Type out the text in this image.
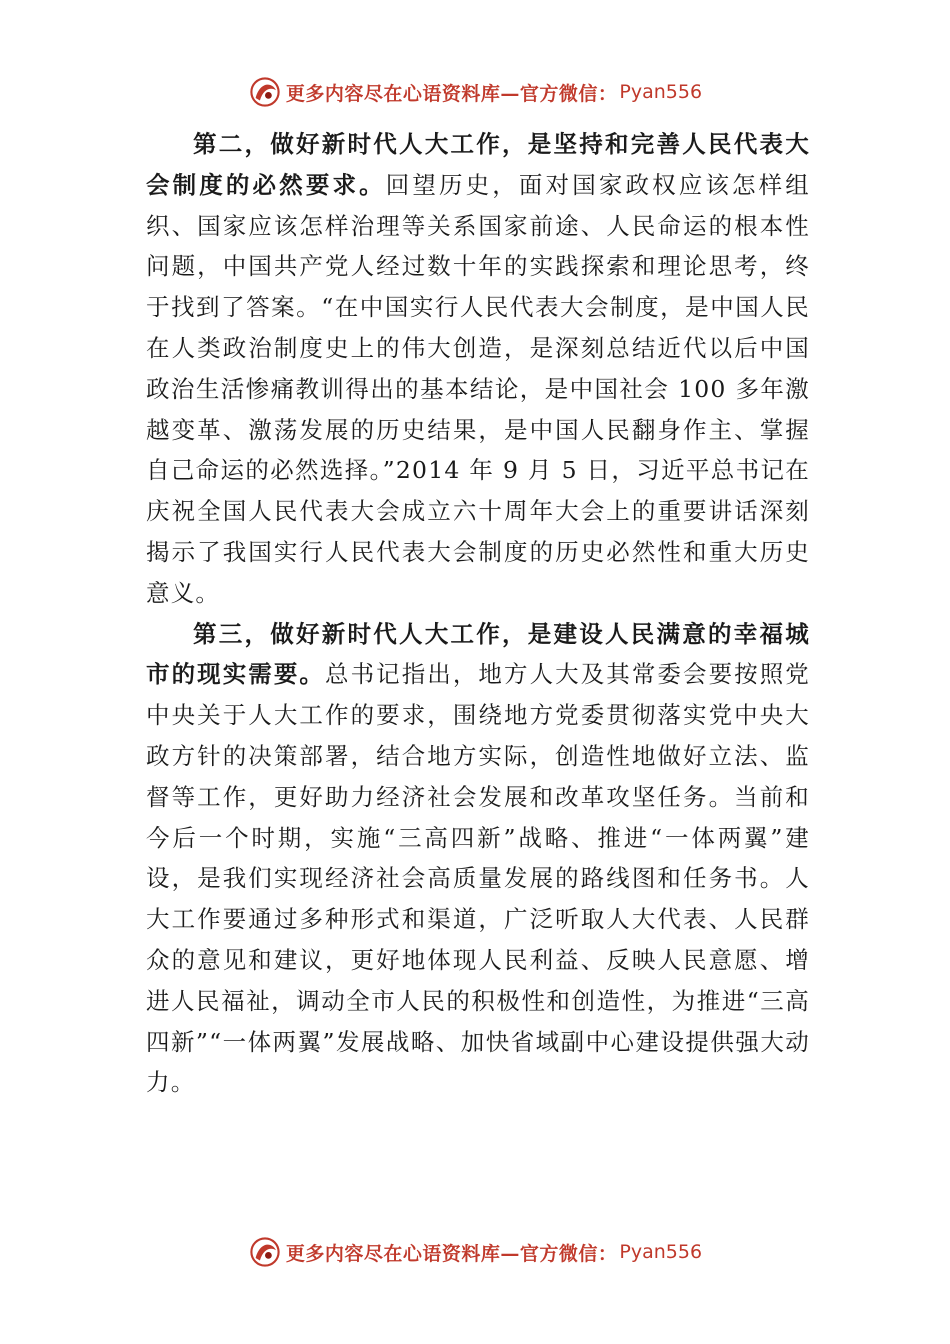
更多内容尽在心语资料库—官方微信： Pyan556

第二，做好新时代人大工作，是坚持和完善人民代表大会制度的必然要求。回望历史，面对国家政权应该怎样组织、国家应该怎样治理等关系国家前途、人民命运的根本性问题，中国共产党人经过数十年的实践探索和理论思考，终于找到了答案。“在中国实行人民代表大会制度，是中国人民在人类政治制度史上的伟大创造，是深刻总结近代以后中国政治生活惨痛教训得出的基本结论，是中国社会 100 多年激越变革、激荡发展的历史结果，是中国人民翻身作主、掌握自己命运的必然选择。”2014 年 9 月 5 日，习近平总书记在庆祝全国人民代表大会成立六十周年大会上的重要讲话深刻揭示了我国实行人民代表大会制度的历史必然性和重大历史意义。

第三，做好新时代人大工作，是建设人民满意的幸福城市的现实需要。总书记指出，地方人大及其常委会要按照党中央关于人大工作的要求，围绕地方党委贯彻落实党中央大政方针的决策部署，结合地方实际，创造性地做好立法、监督等工作，更好助力经济社会发展和改革攻坚任务。当前和今后一个时期，实施“三高四新”战略、推进“一体两翼”建设，是我们实现经济社会高质量发展的路线图和任务书。人大工作要通过多种形式和渠道，广泛听取人大代表、人民群众的意见和建议，更好地体现人民利益、反映人民意愿、增进人民福祉，调动全市人民的积极性和创造性，为推进“三高四新”“一体两翼”发展战略、加快省域副中心建设提供强大动力。

更多内容尽在心语资料库—官方微信： Pyan556
